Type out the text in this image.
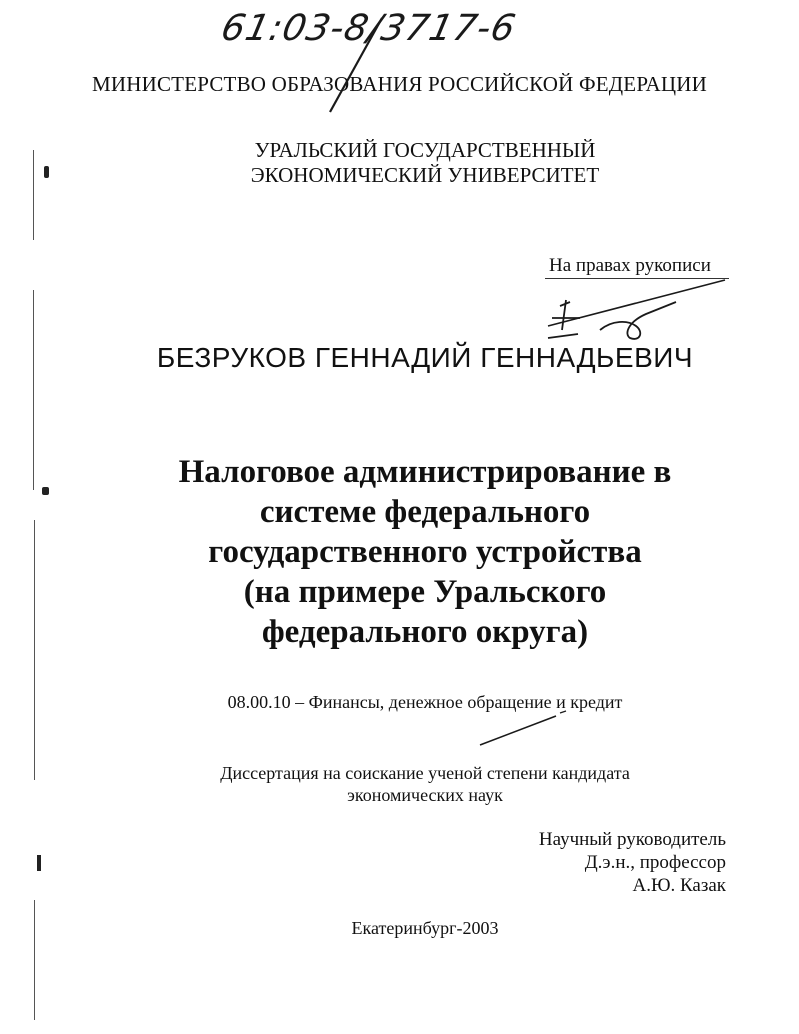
61:03-8/3717-6
МИНИСТЕРСТВО ОБРАЗОВАНИЯ РОССИЙСКОЙ ФЕДЕРАЦИИ
УРАЛЬСКИЙ ГОСУДАРСТВЕННЫЙ
ЭКОНОМИЧЕСКИЙ УНИВЕРСИТЕТ
На правах рукописи
БЕЗРУКОВ ГЕННАДИЙ ГЕННАДЬЕВИЧ
Налоговое администрирование в
системе федерального
государственного устройства
(на примере Уральского
федерального округа)
08.00.10 – Финансы, денежное обращение и кредит
Диссертация на соискание ученой степени кандидата
экономических наук
Научный руководитель
Д.э.н., профессор
А.Ю. Казак
Екатеринбург-2003
